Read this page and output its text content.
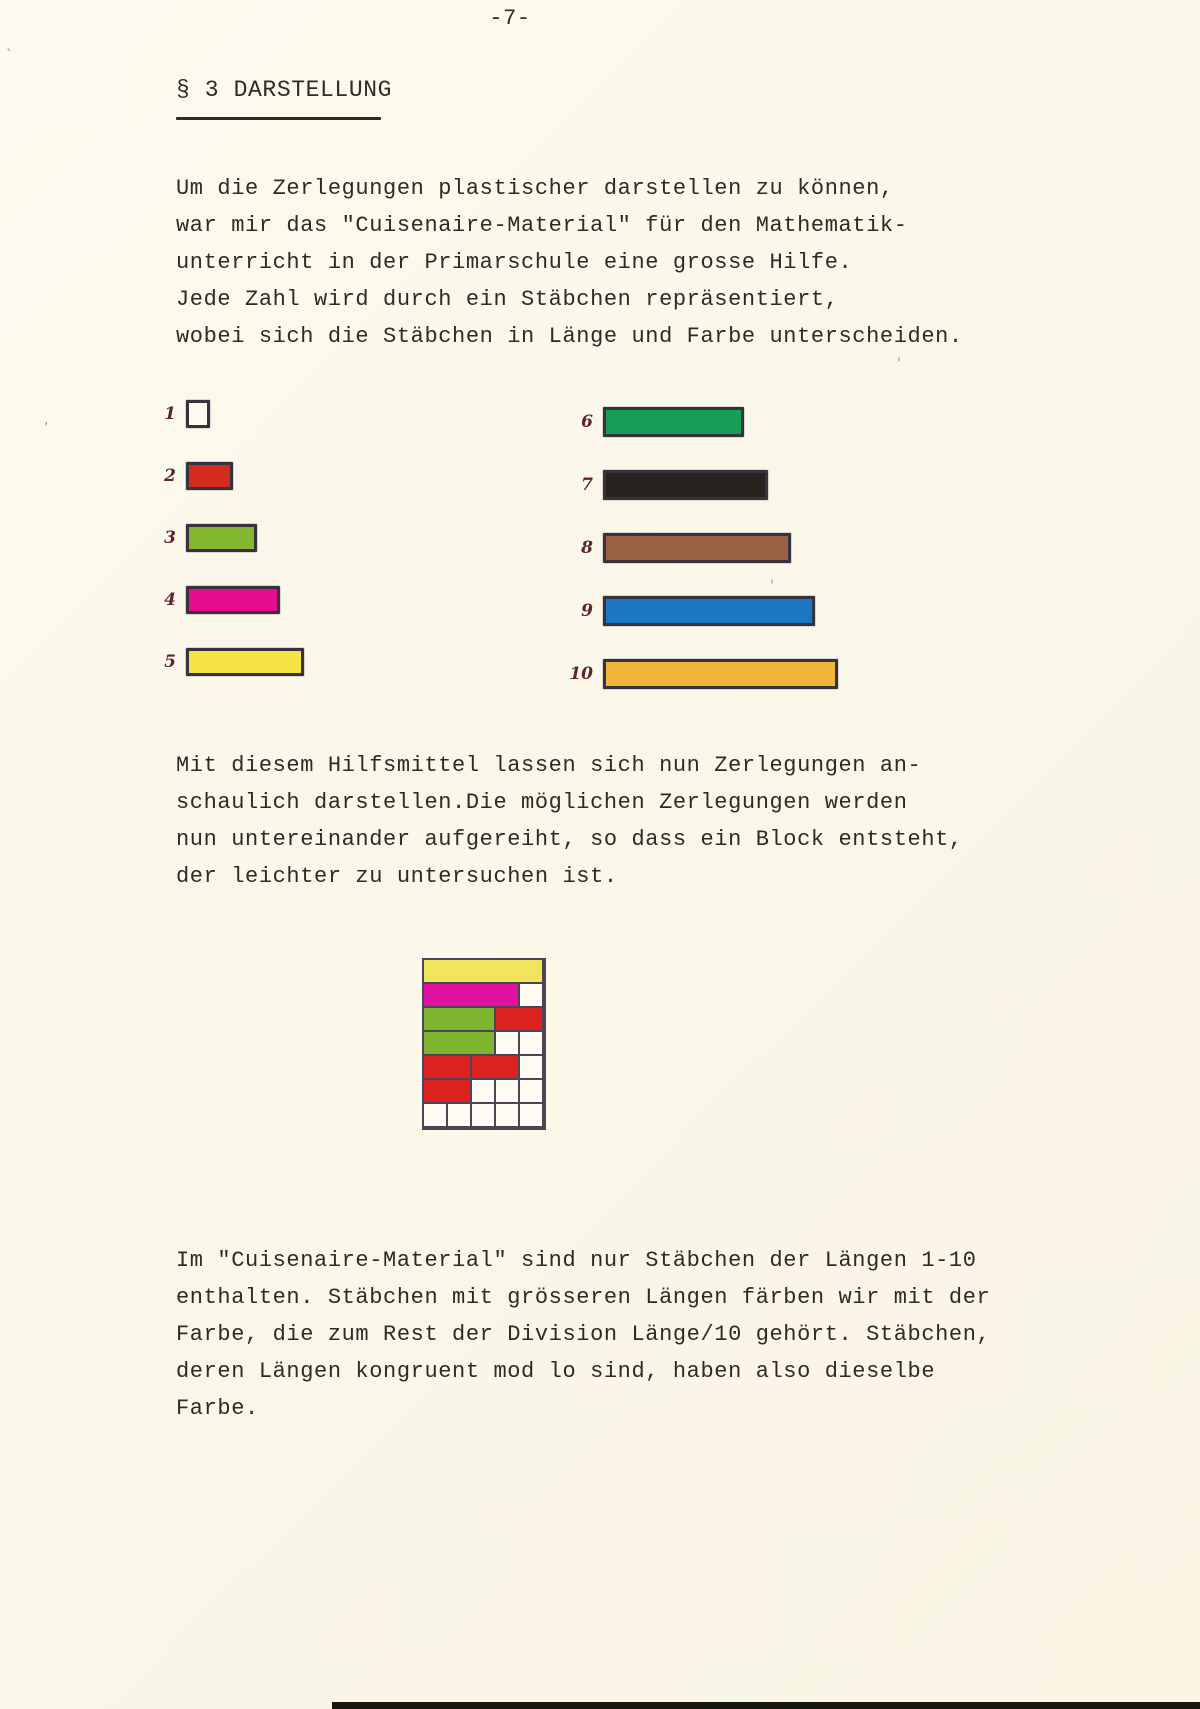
-7-
§ 3 DARSTELLUNG
Um die Zerlegungen plastischer darstellen zu können,
war mir das "Cuisenaire-Material" für den Mathematik-
unterricht in der Primarschule eine grosse Hilfe.
Jede Zahl wird durch ein Stäbchen repräsentiert,
wobei sich die Stäbchen in Länge und Farbe unterscheiden.
1
2
3
4
5
6
7
8
9
10
Mit diesem Hilfsmittel lassen sich nun Zerlegungen an-
schaulich darstellen.Die möglichen Zerlegungen werden
nun untereinander aufgereiht, so dass ein Block entsteht,
der leichter zu untersuchen ist.
Im "Cuisenaire-Material" sind nur Stäbchen der Längen 1-10
enthalten. Stäbchen mit grösseren Längen färben wir mit der
Farbe, die zum Rest der Division Länge/10 gehört. Stäbchen,
deren Längen kongruent mod lo sind, haben also dieselbe
Farbe.
`
,
'
'
